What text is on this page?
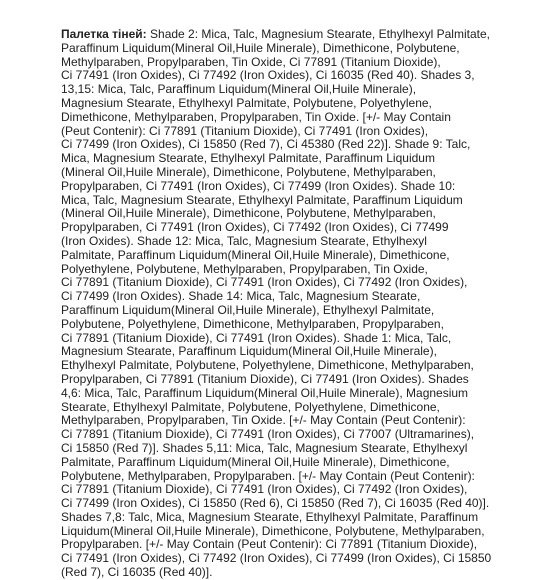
Палетка тіней: Shade 2: Mica, Talc, Magnesium Stearate, Ethylhexyl Palmitate,
Paraffinum Liquidum(Mineral Oil,Huile Minerale), Dimethicone, Polybutene,
Methylparaben, Propylparaben, Tin Oxide, Ci 77891 (Titanium Dioxide),
Ci 77491 (Iron Oxides), Ci 77492 (Iron Oxides), Ci 16035 (Red 40). Shades 3,
13,15: Mica, Talc, Paraffinum Liquidum(Mineral Oil,Huile Minerale),
Magnesium Stearate, Ethylhexyl Palmitate, Polybutene, Polyethylene,
Dimethicone, Methylparaben, Propylparaben, Tin Oxide. [+/- May Contain
(Peut Contenir): Ci 77891 (Titanium Dioxide), Ci 77491 (Iron Oxides),
Ci 77499 (Iron Oxides), Ci 15850 (Red 7), Ci 45380 (Red 22)]. Shade 9: Talc,
Mica, Magnesium Stearate, Ethylhexyl Palmitate, Paraffinum Liquidum
(Mineral Oil,Huile Minerale), Dimethicone, Polybutene, Methylparaben,
Propylparaben, Ci 77491 (Iron Oxides), Ci 77499 (Iron Oxides). Shade 10:
Mica, Talc, Magnesium Stearate, Ethylhexyl Palmitate, Paraffinum Liquidum
(Mineral Oil,Huile Minerale), Dimethicone, Polybutene, Methylparaben,
Propylparaben, Ci 77491 (Iron Oxides), Ci 77492 (Iron Oxides), Ci 77499
(Iron Oxides). Shade 12: Mica, Talc, Magnesium Stearate, Ethylhexyl
Palmitate, Paraffinum Liquidum(Mineral Oil,Huile Minerale), Dimethicone,
Polyethylene, Polybutene, Methylparaben, Propylparaben, Tin Oxide,
Ci 77891 (Titanium Dioxide), Ci 77491 (Iron Oxides), Ci 77492 (Iron Oxides),
Ci 77499 (Iron Oxides). Shade 14: Mica, Talc, Magnesium Stearate,
Paraffinum Liquidum(Mineral Oil,Huile Minerale), Ethylhexyl Palmitate,
Polybutene, Polyethylene, Dimethicone, Methylparaben, Propylparaben,
Ci 77891 (Titanium Dioxide), Ci 77491 (Iron Oxides). Shade 1: Mica, Talc,
Magnesium Stearate, Paraffinum Liquidum(Mineral Oil,Huile Minerale),
Ethylhexyl Palmitate, Polybutene, Polyethylene, Dimethicone, Methylparaben,
Propylparaben, Ci 77891 (Titanium Dioxide), Ci 77491 (Iron Oxides). Shades
4,6: Mica, Talc, Paraffinum Liquidum(Mineral Oil,Huile Minerale), Magnesium
Stearate, Ethylhexyl Palmitate, Polybutene, Polyethylene, Dimethicone,
Methylparaben, Propylparaben, Tin Oxide. [+/- May Contain (Peut Contenir):
Ci 77891 (Titanium Dioxide), Ci 77491 (Iron Oxides), Ci 77007 (Ultramarines),
Ci 15850 (Red 7)]. Shades 5,11: Mica, Talc, Magnesium Stearate, Ethylhexyl
Palmitate, Paraffinum Liquidum(Mineral Oil,Huile Minerale), Dimethicone,
Polybutene, Methylparaben, Propylparaben. [+/- May Contain (Peut Contenir):
Ci 77891 (Titanium Dioxide), Ci 77491 (Iron Oxides), Ci 77492 (Iron Oxides),
Ci 77499 (Iron Oxides), Ci 15850 (Red 6), Ci 15850 (Red 7), Ci 16035 (Red 40)].
Shades 7,8: Talc, Mica, Magnesium Stearate, Ethylhexyl Palmitate, Paraffinum
Liquidum(Mineral Oil,Huile Minerale), Dimethicone, Polybutene, Methylparaben,
Propylparaben. [+/- May Contain (Peut Contenir): Ci 77891 (Titanium Dioxide),
Ci 77491 (Iron Oxides), Ci 77492 (Iron Oxides), Ci 77499 (Iron Oxides), Ci 15850
(Red 7), Ci 16035 (Red 40)].
